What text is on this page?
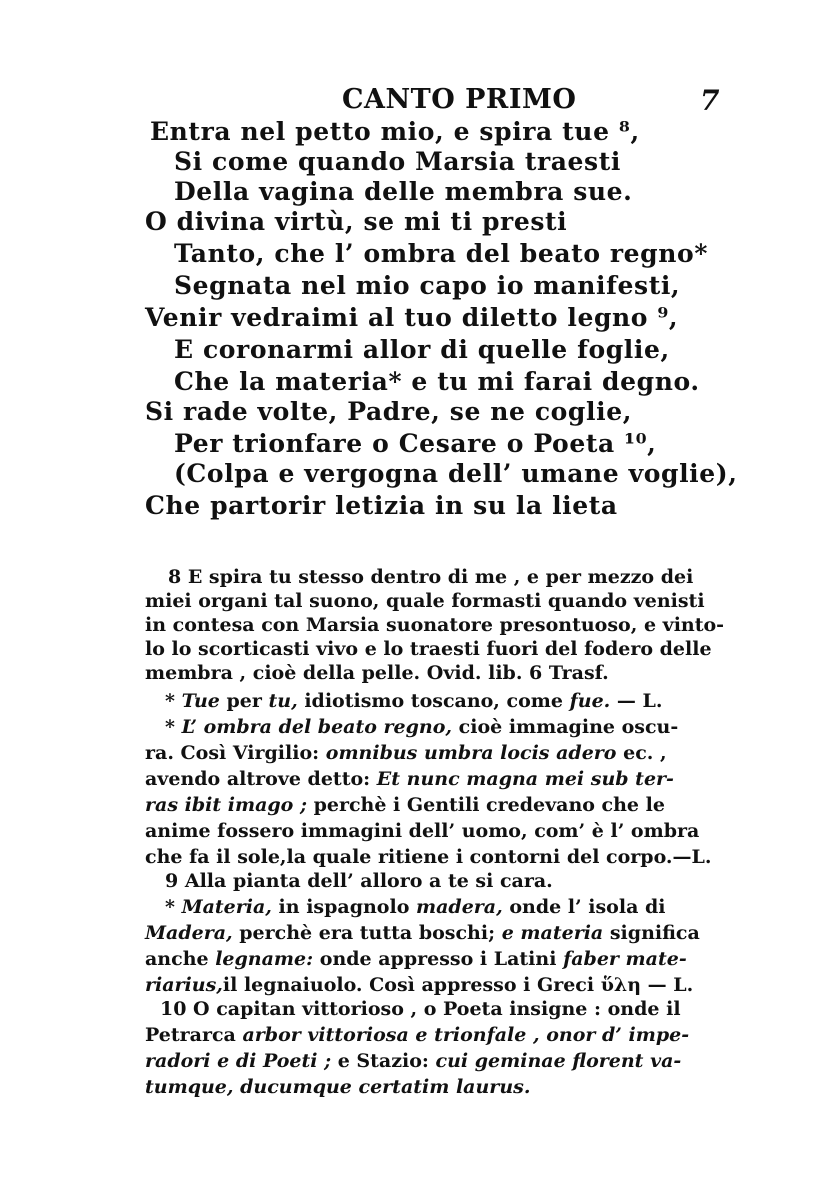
CANTO PRIMO	7
Entra nel petto mio, e spira tue ⁸,
Si come quando Marsia traesti
Della vagina delle membra sue.
O divina virtù, se mi ti presti
Tanto, che l’ ombra del beato regno*
Segnata nel mio capo io manifesti,
Venir vedraimi al tuo diletto legno ⁹,
E coronarmi allor di quelle foglie,
Che la materia* e tu mi farai degno.
Si rade volte, Padre, se ne coglie,
Per trionfare o Cesare o Poeta ¹⁰,
(Colpa e vergogna dell’ umane voglie),
Che partorir letizia in su la lieta
8 E spira tu stesso dentro di me , e per mezzo dei
miei organi tal suono, quale formasti quando venisti
in contesa con Marsia suonatore presontuoso, e vinto-
lo lo scorticasti vivo e lo traesti fuori del fodero delle
membra , cioè della pelle. Ovid. lib. 6 Trasf.
* Tue per tu, idiotismo toscano, come fue. — L.
* L’ ombra del beato regno, cioè immagine oscu-
ra. Così Virgilio: omnibus umbra locis adero ec. ,
avendo altrove detto: Et nunc magna mei sub ter-
ras ibit imago ; perchè i Gentili credevano che le
anime fossero immagini dell’ uomo, com’ è l’ ombra
che fa il sole,la quale ritiene i contorni del corpo.—L.
9 Alla pianta dell’ alloro a te si cara.
* Materia, in ispagnolo madera, onde l’ isola di
Madera, perchè era tutta boschi; e materia significa
anche legname: onde appresso i Latini faber mate-
riarius,il legnaiuolo. Così appresso i Greci ὕλη — L.
10 O capitan vittorioso , o Poeta insigne : onde il
Petrarca arbor vittoriosa e trionfale , onor d’ impe-
radori e di Poeti ; e Stazio: cui geminae florent va-
tumque, ducumque certatim laurus.
